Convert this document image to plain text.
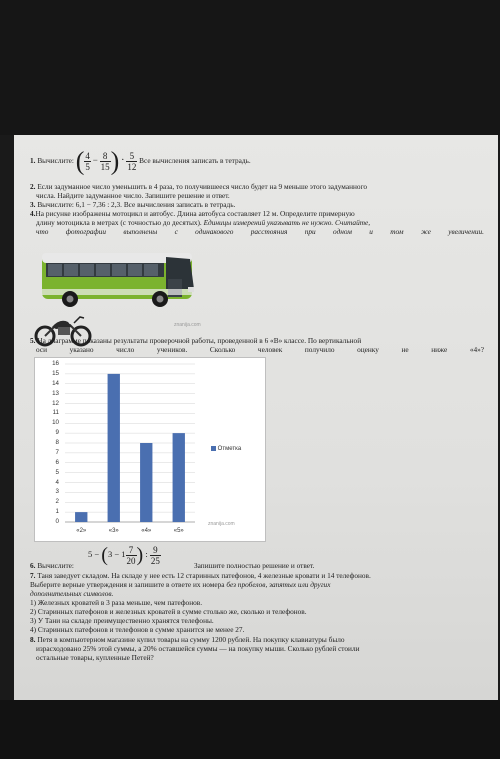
1. Вычислите: ( $\frac{4}{5} - \frac{8}{15}$ ) · $\frac{5}{12}$ Все вычисления записать в тетрадь.
2. Если задуманное число уменьшить в 4 раза, то получившееся число будет на 9 меньше этого задуманного
числа. Найдите задуманное число. Запишите решение и ответ.
3. Вычислите: 6,1 − 7,36 : 2,3. Все вычисления записать в тетрадь.
4.На рисунке изображены мотоцикл и автобус. Длина автобуса составляет 12 м. Определите примерную
длину мотоцикла в метрах (с точностью до десятых). Единицы измерений указывать не нужно. Считайте,
что фотографии выполнены с одинакового расстояния при одном и том же увеличении.
znanija.com
5. На диаграмме показаны результаты проверочной работы, проведенной в 6 «В» классе. По вертикальной
оси указано число учеников. Сколько человек получило оценку не ниже «4»?
0
1
2
3
4
5
6
7
8
9
10
11
12
13
14
15
16
«2»	«3»	«4»	«5»
Отметка
znanija.com
$5 - (3 - 1 \frac{7}{20}$ ) : $\frac{9}{25}$
6. Вычислите:	Запишите полностью решение и ответ.
7. Таня заведует складом. На складе у нее есть 12 старинных патефонов, 4 железные кровати и 14 телефонов.
Выберите верные утверждения и запишите в ответе их номера без пробелов, запятых или других
дополнительных символов.
1) Железных кроватей в 3 раза меньше, чем патефонов.
2) Старинных патефонов и железных кроватей в сумме столько же, сколько и телефонов.
3) У Тани на складе преимущественно хранятся телефоны.
4) Старинных патефонов и телефонов в сумме хранится не менее 27.
8. Петя в компьютерном магазине купил товары на сумму 1200 рублей. На покупку клавиатуры было
израсходовано 25% этой суммы, а 20% оставшейся суммы — на покупку мыши. Сколько рублей стоили
остальные товары, купленные Петей?
